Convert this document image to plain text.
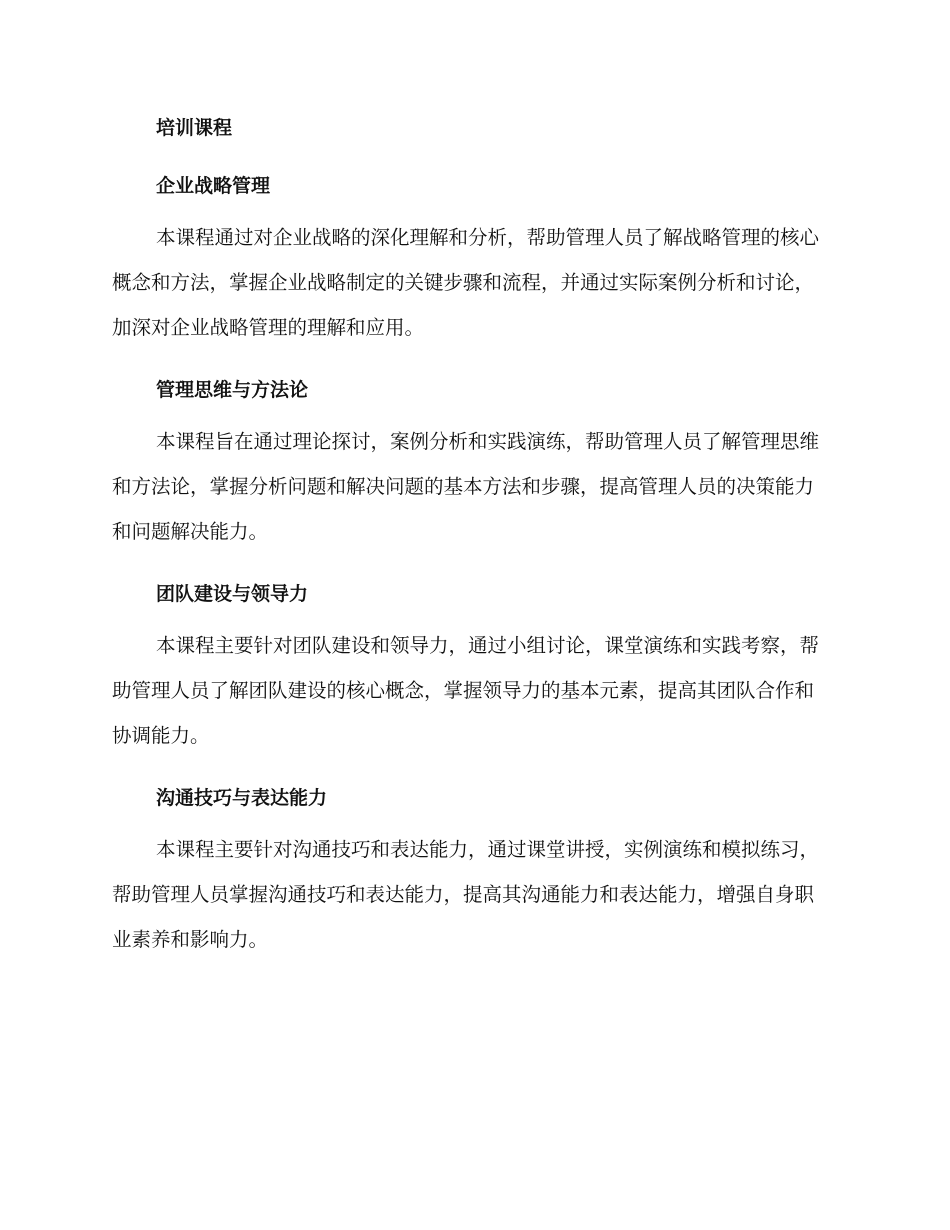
培训课程
企业战略管理

本课程通过对企业战略的深化理解和分析，帮助管理人员了解战略管理的核心概念和方法，掌握企业战略制定的关键步骤和流程，并通过实际案例分析和讨论，加深对企业战略管理的理解和应用。

管理思维与方法论

本课程旨在通过理论探讨，案例分析和实践演练，帮助管理人员了解管理思维和方法论，掌握分析问题和解决问题的基本方法和步骤，提高管理人员的决策能力和问题解决能力。

团队建设与领导力

本课程主要针对团队建设和领导力，通过小组讨论，课堂演练和实践考察，帮助管理人员了解团队建设的核心概念，掌握领导力的基本元素，提高其团队合作和协调能力。

沟通技巧与表达能力

本课程主要针对沟通技巧和表达能力，通过课堂讲授，实例演练和模拟练习，帮助管理人员掌握沟通技巧和表达能力，提高其沟通能力和表达能力，增强自身职业素养和影响力。
